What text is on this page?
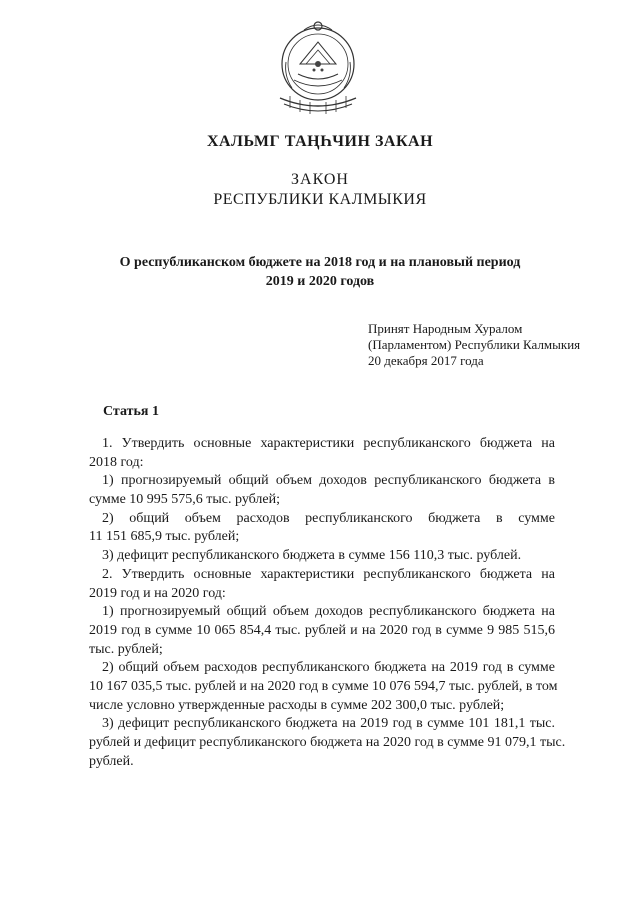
ХАЛЬМГ ТАҢҺЧИН ЗАКАН
ЗАКОН
РЕСПУБЛИКИ КАЛМЫКИЯ
О республиканском бюджете на 2018 год и на плановый период
2019 и 2020 годов
Принят Народным Хуралом
(Парламентом) Республики Калмыкия
20 декабря 2017 года
Статья 1
1. Утвердить основные характеристики республиканского бюджета на
2018 год:
1) прогнозируемый общий объем доходов республиканского бюджета в
сумме 10 995 575,6 тыс. рублей;
2) общий объем расходов республиканского бюджета в сумме
11 151 685,9 тыс. рублей;
3) дефицит республиканского бюджета в сумме 156 110,3 тыс. рублей.
2. Утвердить основные характеристики республиканского бюджета на
2019 год и на 2020 год:
1) прогнозируемый общий объем доходов республиканского бюджета на
2019 год в сумме 10 065 854,4 тыс. рублей и на 2020 год в сумме 9 985 515,6
тыс. рублей;
2) общий объем расходов республиканского бюджета на 2019 год в сумме
10 167 035,5 тыс. рублей и на 2020 год в сумме 10 076 594,7 тыс. рублей, в том
числе условно утвержденные расходы в сумме 202 300,0 тыс. рублей;
3) дефицит республиканского бюджета на 2019 год в сумме 101 181,1 тыс.
рублей и дефицит республиканского бюджета на 2020 год в сумме 91 079,1 тыс.
рублей.
